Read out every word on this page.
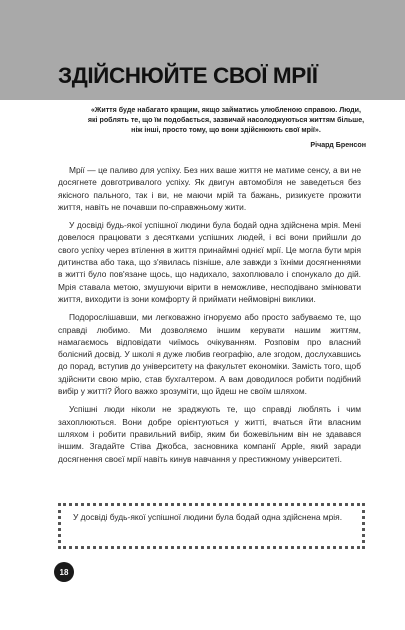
ЗДІЙСНЮЙТЕ СВОЇ МРІЇ

«Життя буде набагато кращим, якщо займатись улюбленою справою. Люди, які роблять те, що їм подобається, зазвичай насолоджуються життям більше, ніж інші, просто тому, що вони здійснюють свої мрії».

Річард Бренсон

Мрії — це паливо для успіху. Без них ваше життя не матиме сенсу, а ви не досягнете довготривалого успіху. Як двигун автомобіля не заведеться без якісного пального, так і ви, не маючи мрій та бажань, ризикуєте прожити життя, навіть не почавши по-справжньому жити.

У досвіді будь-якої успішної людини була бодай одна здійснена мрія. Мені довелося працювати з десятками успішних людей, і всі вони прийшли до свого успіху через втілення в життя принаймні однієї мрії. Це могла бути мрія дитинства або така, що з'явилась пізніше, але завжди з їхніми досягненнями в житті було пов'язане щось, що надихало, захоплювало і спонукало до дій. Мрія ставала метою, змушуючи вірити в неможливе, несподівано змінювати життя, виходити із зони комфорту й приймати неймовірні виклики.

Подорослішавши, ми легковажно ігноруємо або просто забуваємо те, що справді любимо. Ми дозволяємо іншим керувати нашим життям, намагаємось відповідати чиїмось очікуванням. Розповім про власний болісний досвід. У школі я дуже любив географію, але згодом, дослухавшись до порад, вступив до університету на факультет економіки. Замість того, щоб здійснити свою мрію, став бухгалтером. А вам доводилося робити подібний вибір у житті? Його важко зрозуміти, що йдеш не своїм шляхом.

Успішні люди ніколи не зраджують те, що справді люблять і чим захоплюються. Вони добре орієнтуються у житті, вчаться йти власним шляхом і робити правильний вибір, яким би божевільним він не здавався іншим. Згадайте Стіва Джобса, засновника компанії Apple, який заради досягнення своєї мрії навіть кинув навчання у престижному університеті.

У досвіді будь-якої успішної людини була бодай одна здійснена мрія.

18
